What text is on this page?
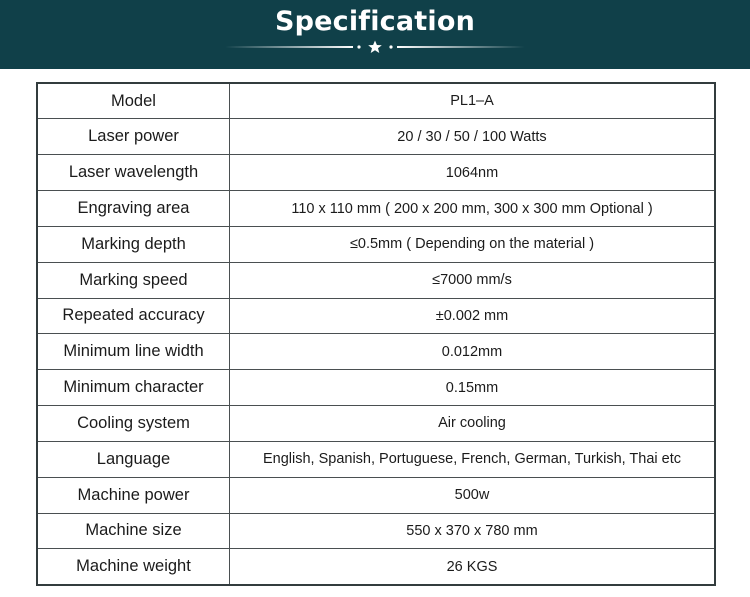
Specification
Model	PL1–A
Laser power	20 / 30 / 50 / 100 Watts
Laser wavelength	1064nm
Engraving area	110 x 110 mm ( 200 x 200 mm, 300 x 300 mm Optional )
Marking depth	≤0.5mm ( Depending on the material )
Marking speed	≤7000 mm/s
Repeated accuracy	±0.002 mm
Minimum line width	0.012mm
Minimum character	0.15mm
Cooling system	Air cooling
Language	English, Spanish, Portuguese, French, German, Turkish, Thai etc
Machine power	500w
Machine size	550 x 370 x 780 mm
Machine weight	26 KGS
